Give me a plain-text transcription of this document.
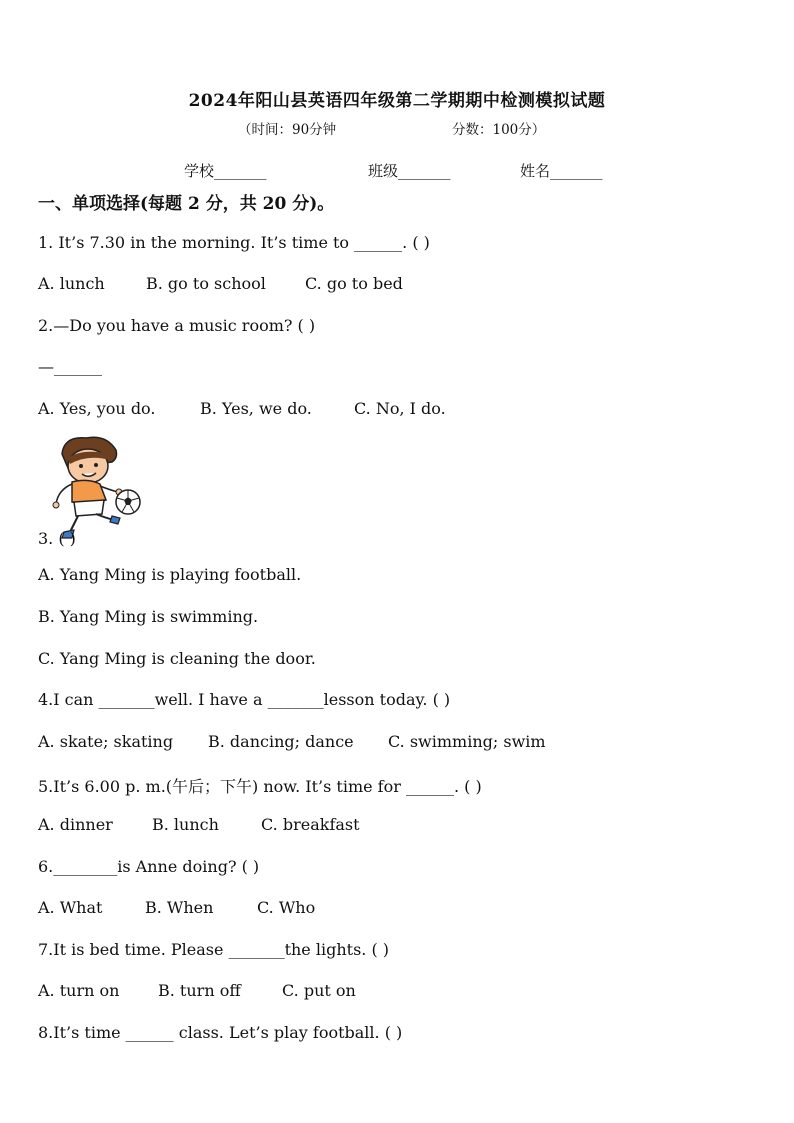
2024年阳山县英语四年级第二学期期中检测模拟试题
（时间：90分钟	分数：100分）
学校_______	班级_______	姓名_______
一、单项选择(每题 2 分，共 20 分)。
1. It’s 7.30 in the morning. It’s time to ______. ( )
A. lunch	B. go to school C. go to bed
2.—Do you have a music room? ( )
—______
A. Yes, you do.	B. Yes, we do.	C. No, I do.
3. ( )
A. Yang Ming is playing football.
B. Yang Ming is swimming.
C. Yang Ming is cleaning the door.
4.I can _______well. I have a _______lesson today. ( )
A. skate; skating B. dancing; dance C. swimming; swim
5.It’s 6.00 p. m.(午后；下午) now. It’s time for ______. ( )
A. dinner B. lunch	C. breakfast
6.________is Anne doing? ( )
A. What	B. When	C. Who
7.It is bed time. Please _______the lights. ( )
A. turn on B. turn off	C. put on
8.It’s time ______ class. Let’s play football. ( )
